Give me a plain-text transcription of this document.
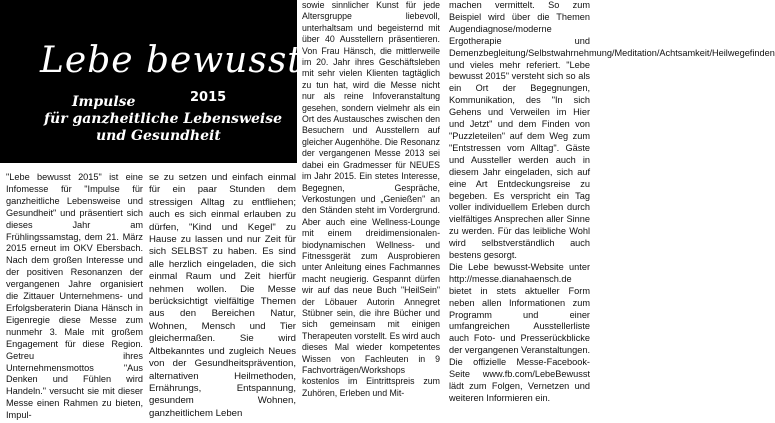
Lebe bewusst!
2015
Impulse
für ganzheitliche Lebensweise
und Gesundheit

"Lebe bewusst 2015" ist eine Infomesse für "Impulse für ganzheitliche Lebensweise und Gesundheit" und präsentiert sich dieses Jahr am Frühlingssamstag, dem 21. März 2015 erneut im OKV Ebersbach. Nach dem großen Interesse und der positiven Resonanzen der vergangenen Jahre organisiert die Zittauer Unternehmens- und Erfolgsberaterin Diana Hänsch in Eigenregie diese Messe zum nunmehr 3. Male mit großem Engagement für diese Region. Getreu ihres Unternehmensmottos "Aus Denken und Fühlen wird Handeln." versucht sie mit dieser Messe einen Rahmen zu bieten, Impul-

se zu setzen und einfach einmal für ein paar Stunden dem stressigen Alltag zu entfliehen; auch es sich einmal erlauben zu dürfen, "Kind und Kegel" zu Hause zu lassen und nur Zeit für sich SELBST zu haben. Es sind alle herzlich eingeladen, die sich einmal Raum und Zeit hierfür nehmen wollen. Die Messe berücksichtigt vielfältige Themen aus den Bereichen Natur, Wohnen, Mensch und Tier gleichermaßen. Sie wird Altbekanntes und zugleich Neues von der Gesundheitsprävention, alternativen Heilmethoden, Ernährungs, Entspannung, gesundem Wohnen, ganzheitlichem Leben

sowie sinnlicher Kunst für jede Altersgruppe liebevoll, unterhaltsam und begeisternd mit über 40 Ausstellern präsentieren. Von Frau Hänsch, die mittlerweile im 20. Jahr ihres Geschäftsleben mit sehr vielen Klienten tagtäglich zu tun hat, wird die Messe nicht nur als reine Infoveranstaltung gesehen, sondern vielmehr als ein Ort des Austausches zwischen den Besuchern und Ausstellern auf gleicher Augenhöhe. Die Resonanz der vergangenen Messe 2013 sei dabei ein Gradmesser für NEUES im Jahr 2015. Ein stetes Interesse, Begegnen, Gespräche, Verkostungen und „Genießen" an den Ständen steht im Vordergrund. Aber auch eine Wellness-Lounge mit einem dreidimensionalen-biodynamischen Wellness- und Fitnessgerät zum Ausprobieren unter Anleitung eines Fachmannes macht neugierig. Gespannt dürfen wir auf das neue Buch "HeilSein" der Löbauer Autorin Annegret Stübner sein, die ihre Bücher und sich gemeinsam mit einigen Therapeuten vorstellt. Es wird auch dieses Mal wieder kompetentes Wissen von Fachleuten in 9 Fachvorträgen/Workshops kostenlos im Eintrittspreis zum Zuhören, Erleben und Mit-

machen vermittelt. So zum Beispiel wird über die Themen Augendiagnose/moderne Ergotherapie und Demenzbegleitung/Selbstwahrnehmung/Meditation/Achtsamkeit/Heilwegefinden und vieles mehr referiert. "Lebe bewusst 2015" versteht sich so als ein Ort der Begegnungen, Kommunikation, des "In sich Gehens und Verweilen im Hier und Jetzt" und dem Finden von "Puzzleteilen" auf dem Weg zum "Entstressen vom Alltag". Gäste und Aussteller werden auch in diesem Jahr eingeladen, sich auf eine Art Entdeckungsreise zu begeben. Es verspricht ein Tag voller individuellem Erleben durch vielfältiges Ansprechen aller Sinne zu werden. Für das leibliche Wohl wird selbstverständlich auch bestens gesorgt.

Die Lebe bewusst-Website unter http://messe.dianahaensch.de bietet in stets aktueller Form neben allen Informationen zum Programm und einer umfangreichen Ausstellerliste auch Foto- und Presserückblicke der vergangenen Veranstaltungen. Die offizielle Messe-Facebook-Seite www.fb.com/LebeBewusst lädt zum Folgen, Vernetzen und weiteren Informieren ein.
